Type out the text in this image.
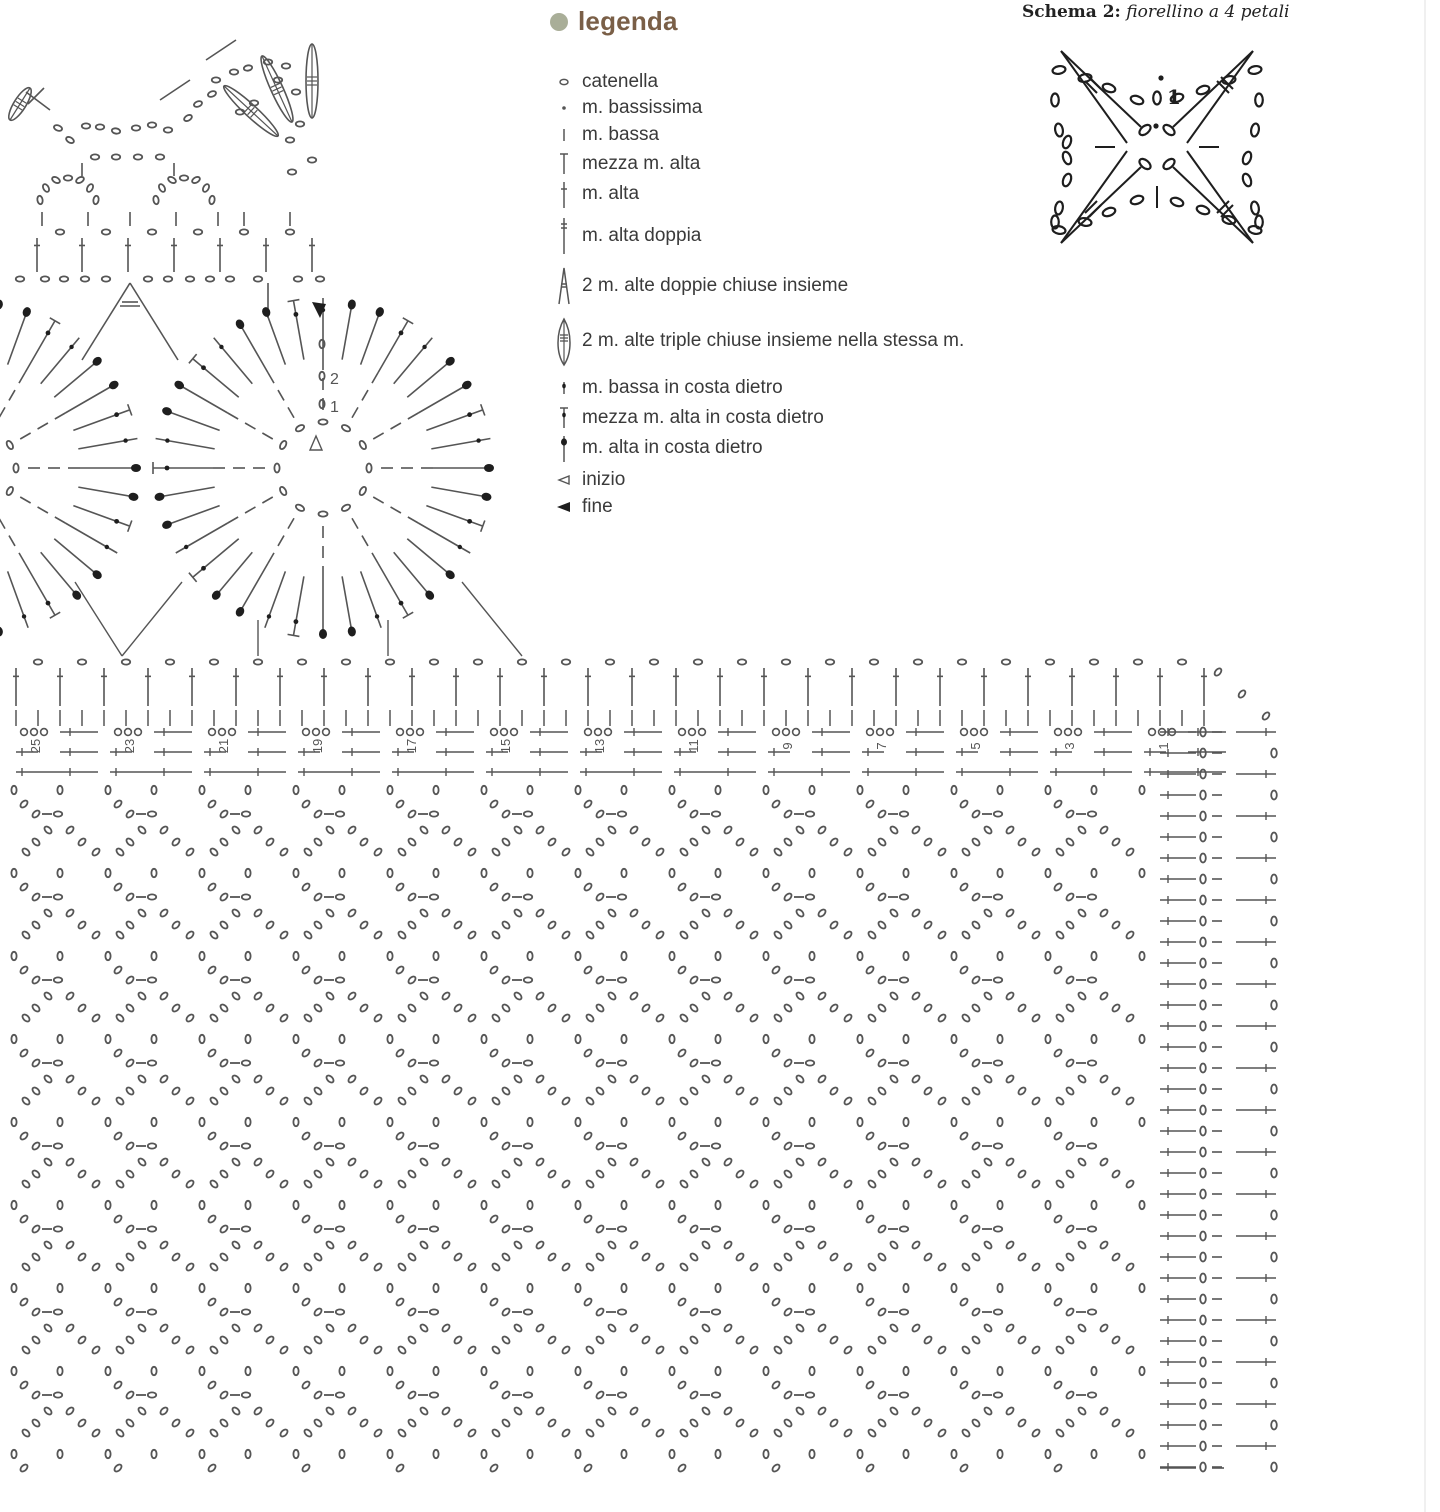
1
2
25	23	21	19	17	15	13	11	9	7	5	3	1
1
legenda
catenella
m. bassissima
m. bassa
mezza m. alta
m. alta
m. alta doppia
2 m. alte doppie chiuse insieme
2 m. alte triple chiuse insieme nella stessa m.
m. bassa in costa dietro
mezza m. alta in costa dietro
m. alta in costa dietro
inizio
fine
Schema 2: fiorellino a 4 petali
